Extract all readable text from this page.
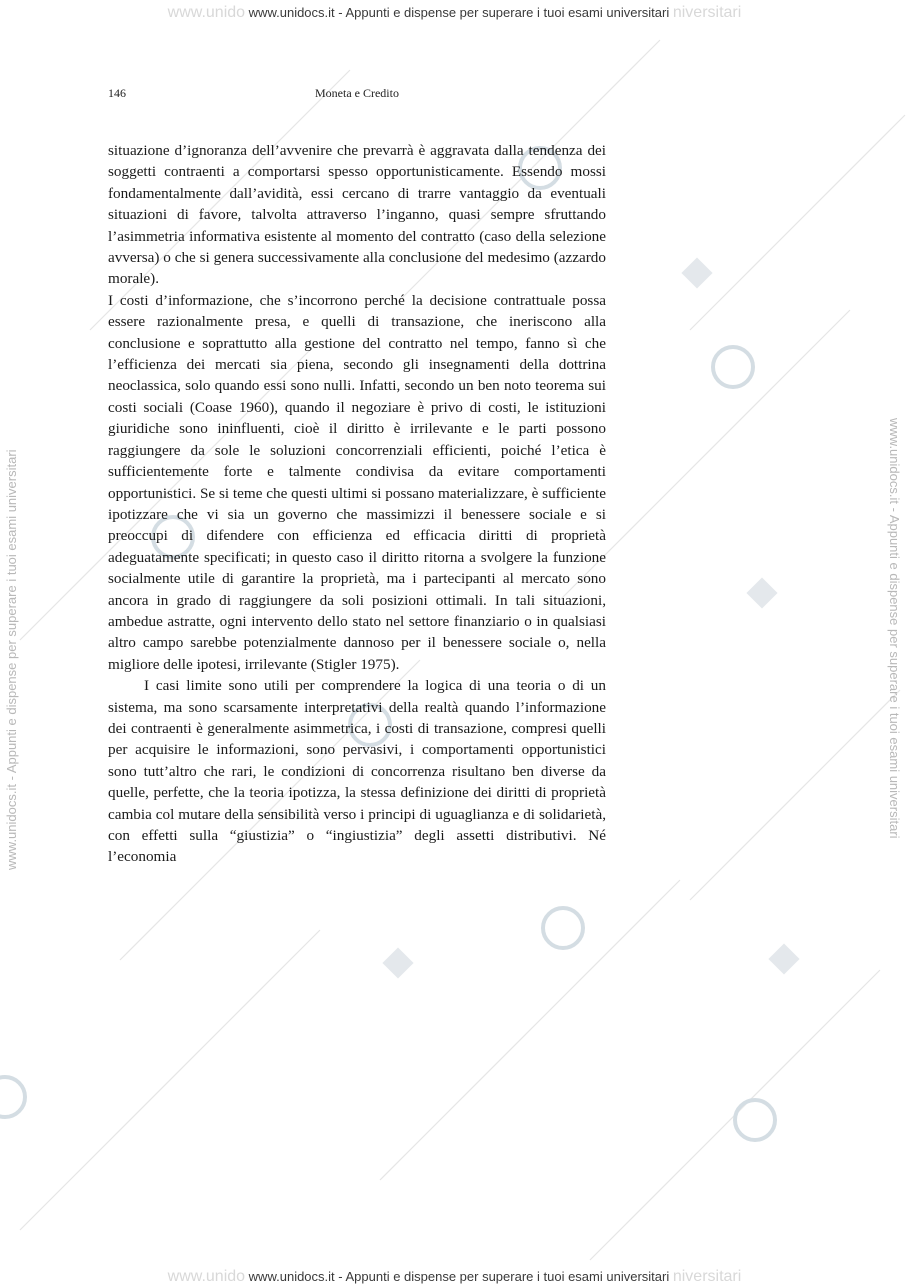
www.unido www.unidocs.it - Appunti e dispense per superare i tuoi esami universitari niversitari
www.unidocs.it - Appunti e dispense per superare i tuoi esami universitari	www.unidocs.it - Appunti e dispense per superare i tuoi esami universitari
146	Moneta e Credito

situazione d’ignoranza dell’avvenire che prevarrà è aggravata dalla tendenza dei soggetti contraenti a comportarsi spesso opportunisticamente. Essendo mossi fondamentalmente dall’avidità, essi cercano di trarre vantaggio da eventuali situazioni di favore, talvolta attraverso l’inganno, quasi sempre sfruttando l’asimmetria informativa esistente al momento del contratto (caso della selezione avversa) o che si genera successivamente alla conclusione del medesimo (azzardo morale).

I costi d’informazione, che s’incorrono perché la decisione contrattuale possa essere razionalmente presa, e quelli di transazione, che ineriscono alla conclusione e soprattutto alla gestione del contratto nel tempo, fanno sì che l’efficienza dei mercati sia piena, secondo gli insegnamenti della dottrina neoclassica, solo quando essi sono nulli. Infatti, secondo un ben noto teorema sui costi sociali (Coase 1960), quando il negoziare è privo di costi, le istituzioni giuridiche sono ininfluenti, cioè il diritto è irrilevante e le parti possono raggiungere da sole le soluzioni concorrenziali efficienti, poiché l’etica è sufficientemente forte e talmente condivisa da evitare comportamenti opportunistici. Se si teme che questi ultimi si possano materializzare, è sufficiente ipotizzare che vi sia un governo che massimizzi il benessere sociale e si preoccupi di difendere con efficienza ed efficacia diritti di proprietà adeguatamente specificati; in questo caso il diritto ritorna a svolgere la funzione socialmente utile di garantire la proprietà, ma i partecipanti al mercato sono ancora in grado di raggiungere da soli posizioni ottimali. In tali situazioni, ambedue astratte, ogni intervento dello stato nel settore finanziario o in qualsiasi altro campo sarebbe potenzialmente dannoso per il benessere sociale o, nella migliore delle ipotesi, irrilevante (Stigler 1975).

I casi limite sono utili per comprendere la logica di una teoria o di un sistema, ma sono scarsamente interpretativi della realtà quando l’informazione dei contraenti è generalmente asimmetrica, i costi di transazione, compresi quelli per acquisire le informazioni, sono pervasivi, i comportamenti opportunistici sono tutt’altro che rari, le condizioni di concorrenza risultano ben diverse da quelle, perfette, che la teoria ipotizza, la stessa definizione dei diritti di proprietà cambia col mutare della sensibilità verso i principi di uguaglianza e di solidarietà, con effetti sulla “giustizia” o “ingiustizia” degli assetti distributivi. Né l’economia

www.unido www.unidocs.it - Appunti e dispense per superare i tuoi esami universitari niversitari
